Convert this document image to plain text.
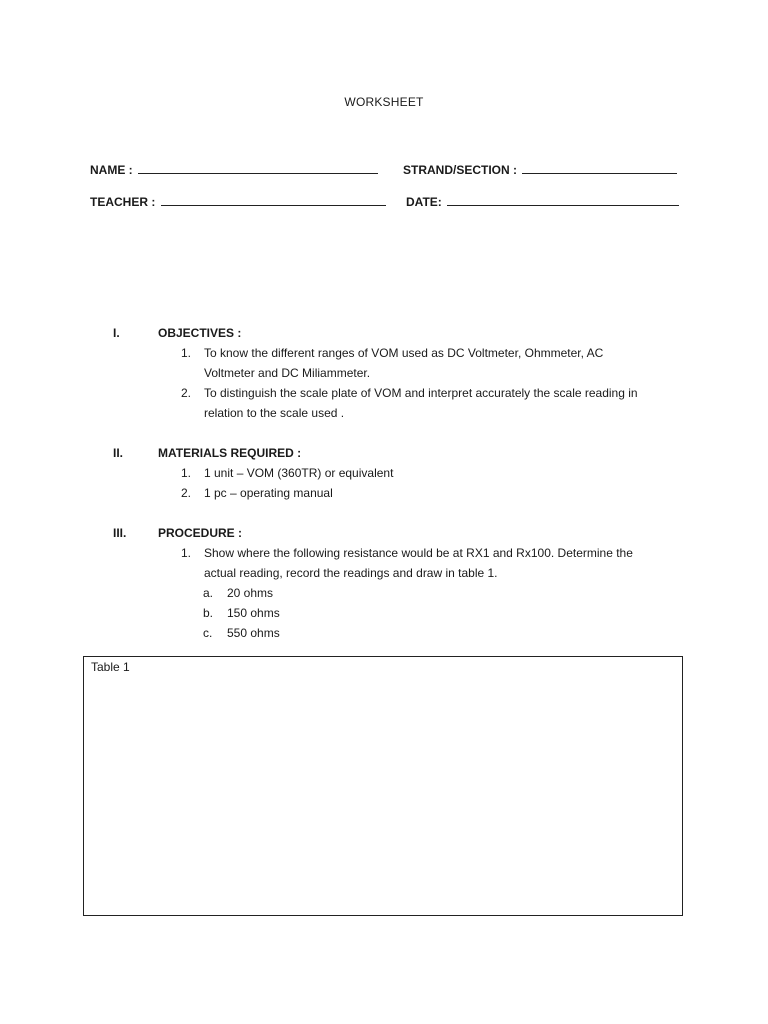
WORKSHEET
NAME :	STRAND/SECTION :
TEACHER :	DATE:
I.	OBJECTIVES :
1. To know the different ranges of VOM used as DC Voltmeter, Ohmmeter, AC
Voltmeter and DC Miliammeter.
2. To distinguish the scale plate of VOM and interpret accurately the scale reading in
relation to the scale used .
II.	MATERIALS REQUIRED :
1. 1 unit – VOM (360TR) or equivalent
2. 1 pc – operating manual
III.	PROCEDURE :
1. Show where the following resistance would be at RX1 and Rx100. Determine the
actual reading, record the readings and draw in table 1.
a. 20 ohms
b. 150 ohms
c. 550 ohms
Table 1
